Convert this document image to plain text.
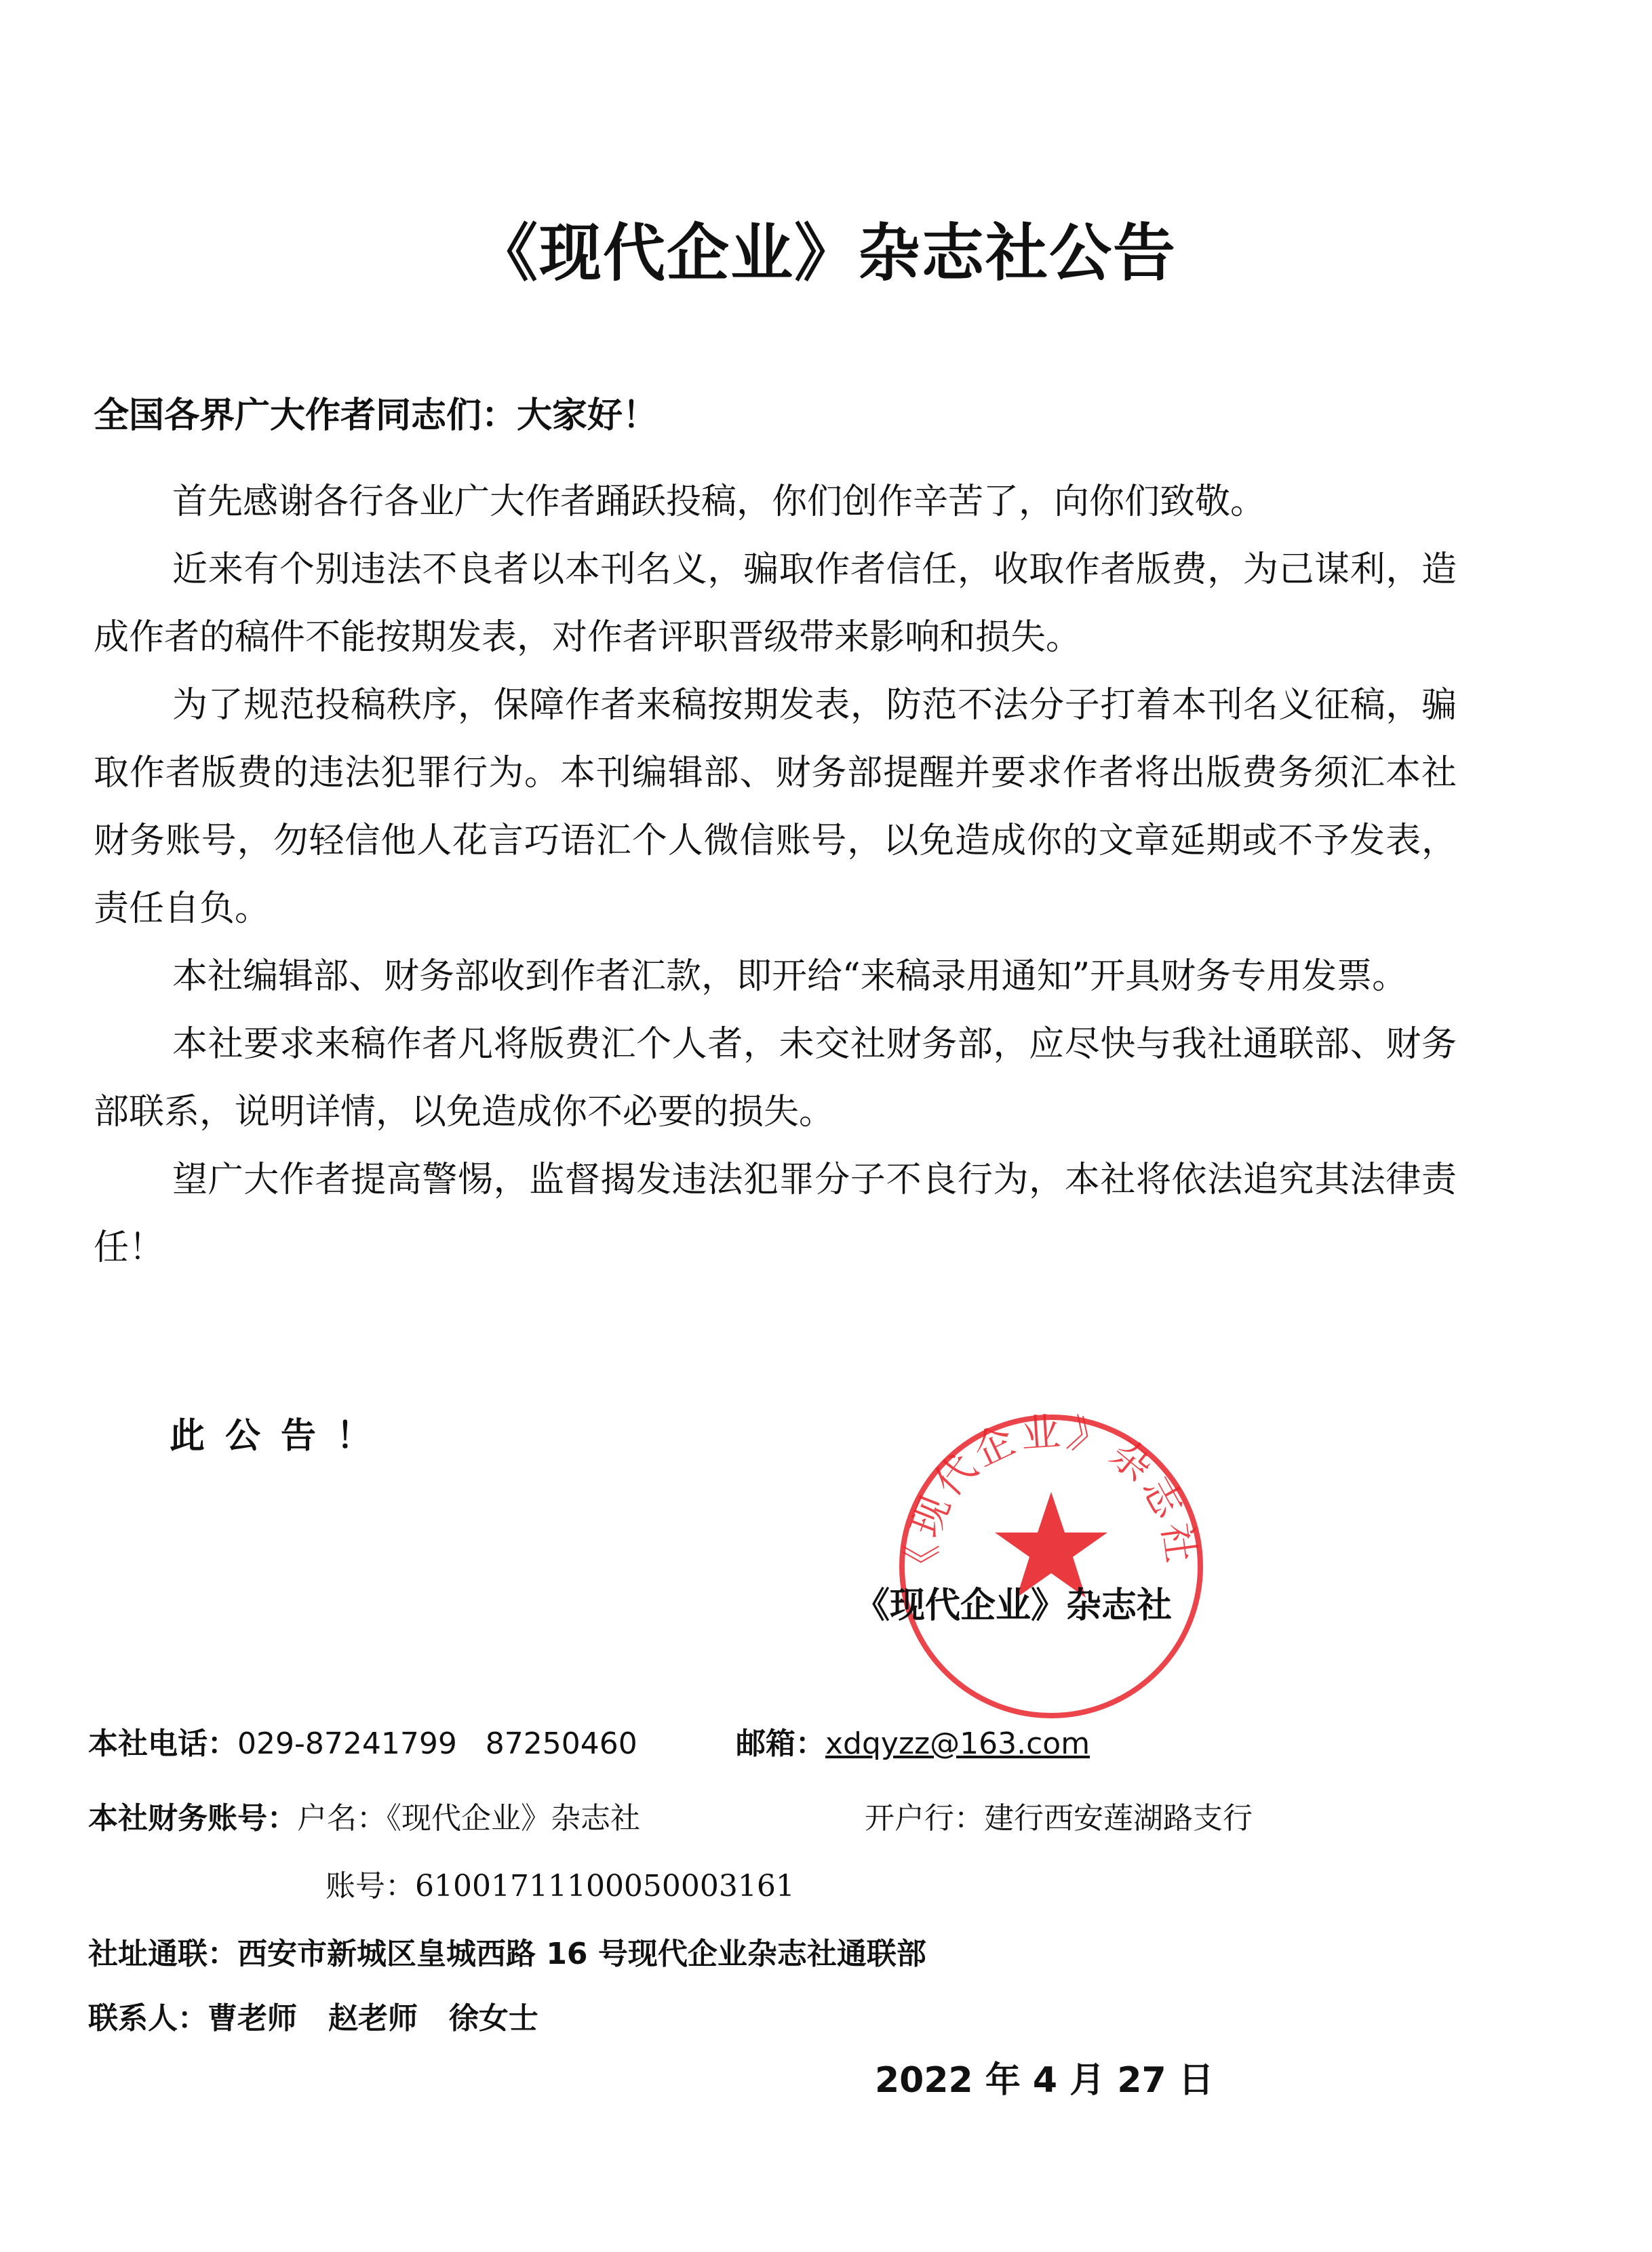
《现代企业》杂志社公告
全国各界广大作者同志们：大家好！

首先感谢各行各业广大作者踊跃投稿，你们创作辛苦了，向你们致敬。

近来有个别违法不良者以本刊名义，骗取作者信任，收取作者版费，为己谋利，造成作者的稿件不能按期发表，对作者评职晋级带来影响和损失。

为了规范投稿秩序，保障作者来稿按期发表，防范不法分子打着本刊名义征稿，骗取作者版费的违法犯罪行为。本刊编辑部、财务部提醒并要求作者将出版费务须汇本社财务账号，勿轻信他人花言巧语汇个人微信账号，以免造成你的文章延期或不予发表，责任自负。

本社编辑部、财务部收到作者汇款，即开给“来稿录用通知”开具财务专用发票。

本社要求来稿作者凡将版费汇个人者，未交社财务部，应尽快与我社通联部、财务部联系，说明详情，以免造成你不必要的损失。

望广大作者提高警惕，监督揭发违法犯罪分子不良行为，本社将依法追究其法律责任！

此公告！
《现代企业》杂志社
《现代企业》杂志社
本社电话：029-87241799   87250460	邮箱：xdqyzz@163.com
本社财务账号：户名：《现代企业》杂志社	开户行：建行西安莲湖路支行
账号：61001711100050003161
社址通联：西安市新城区皇城西路 16 号现代企业杂志社通联部
联系人：曹老师   赵老师   徐女士
2022 年 4 月 27 日
